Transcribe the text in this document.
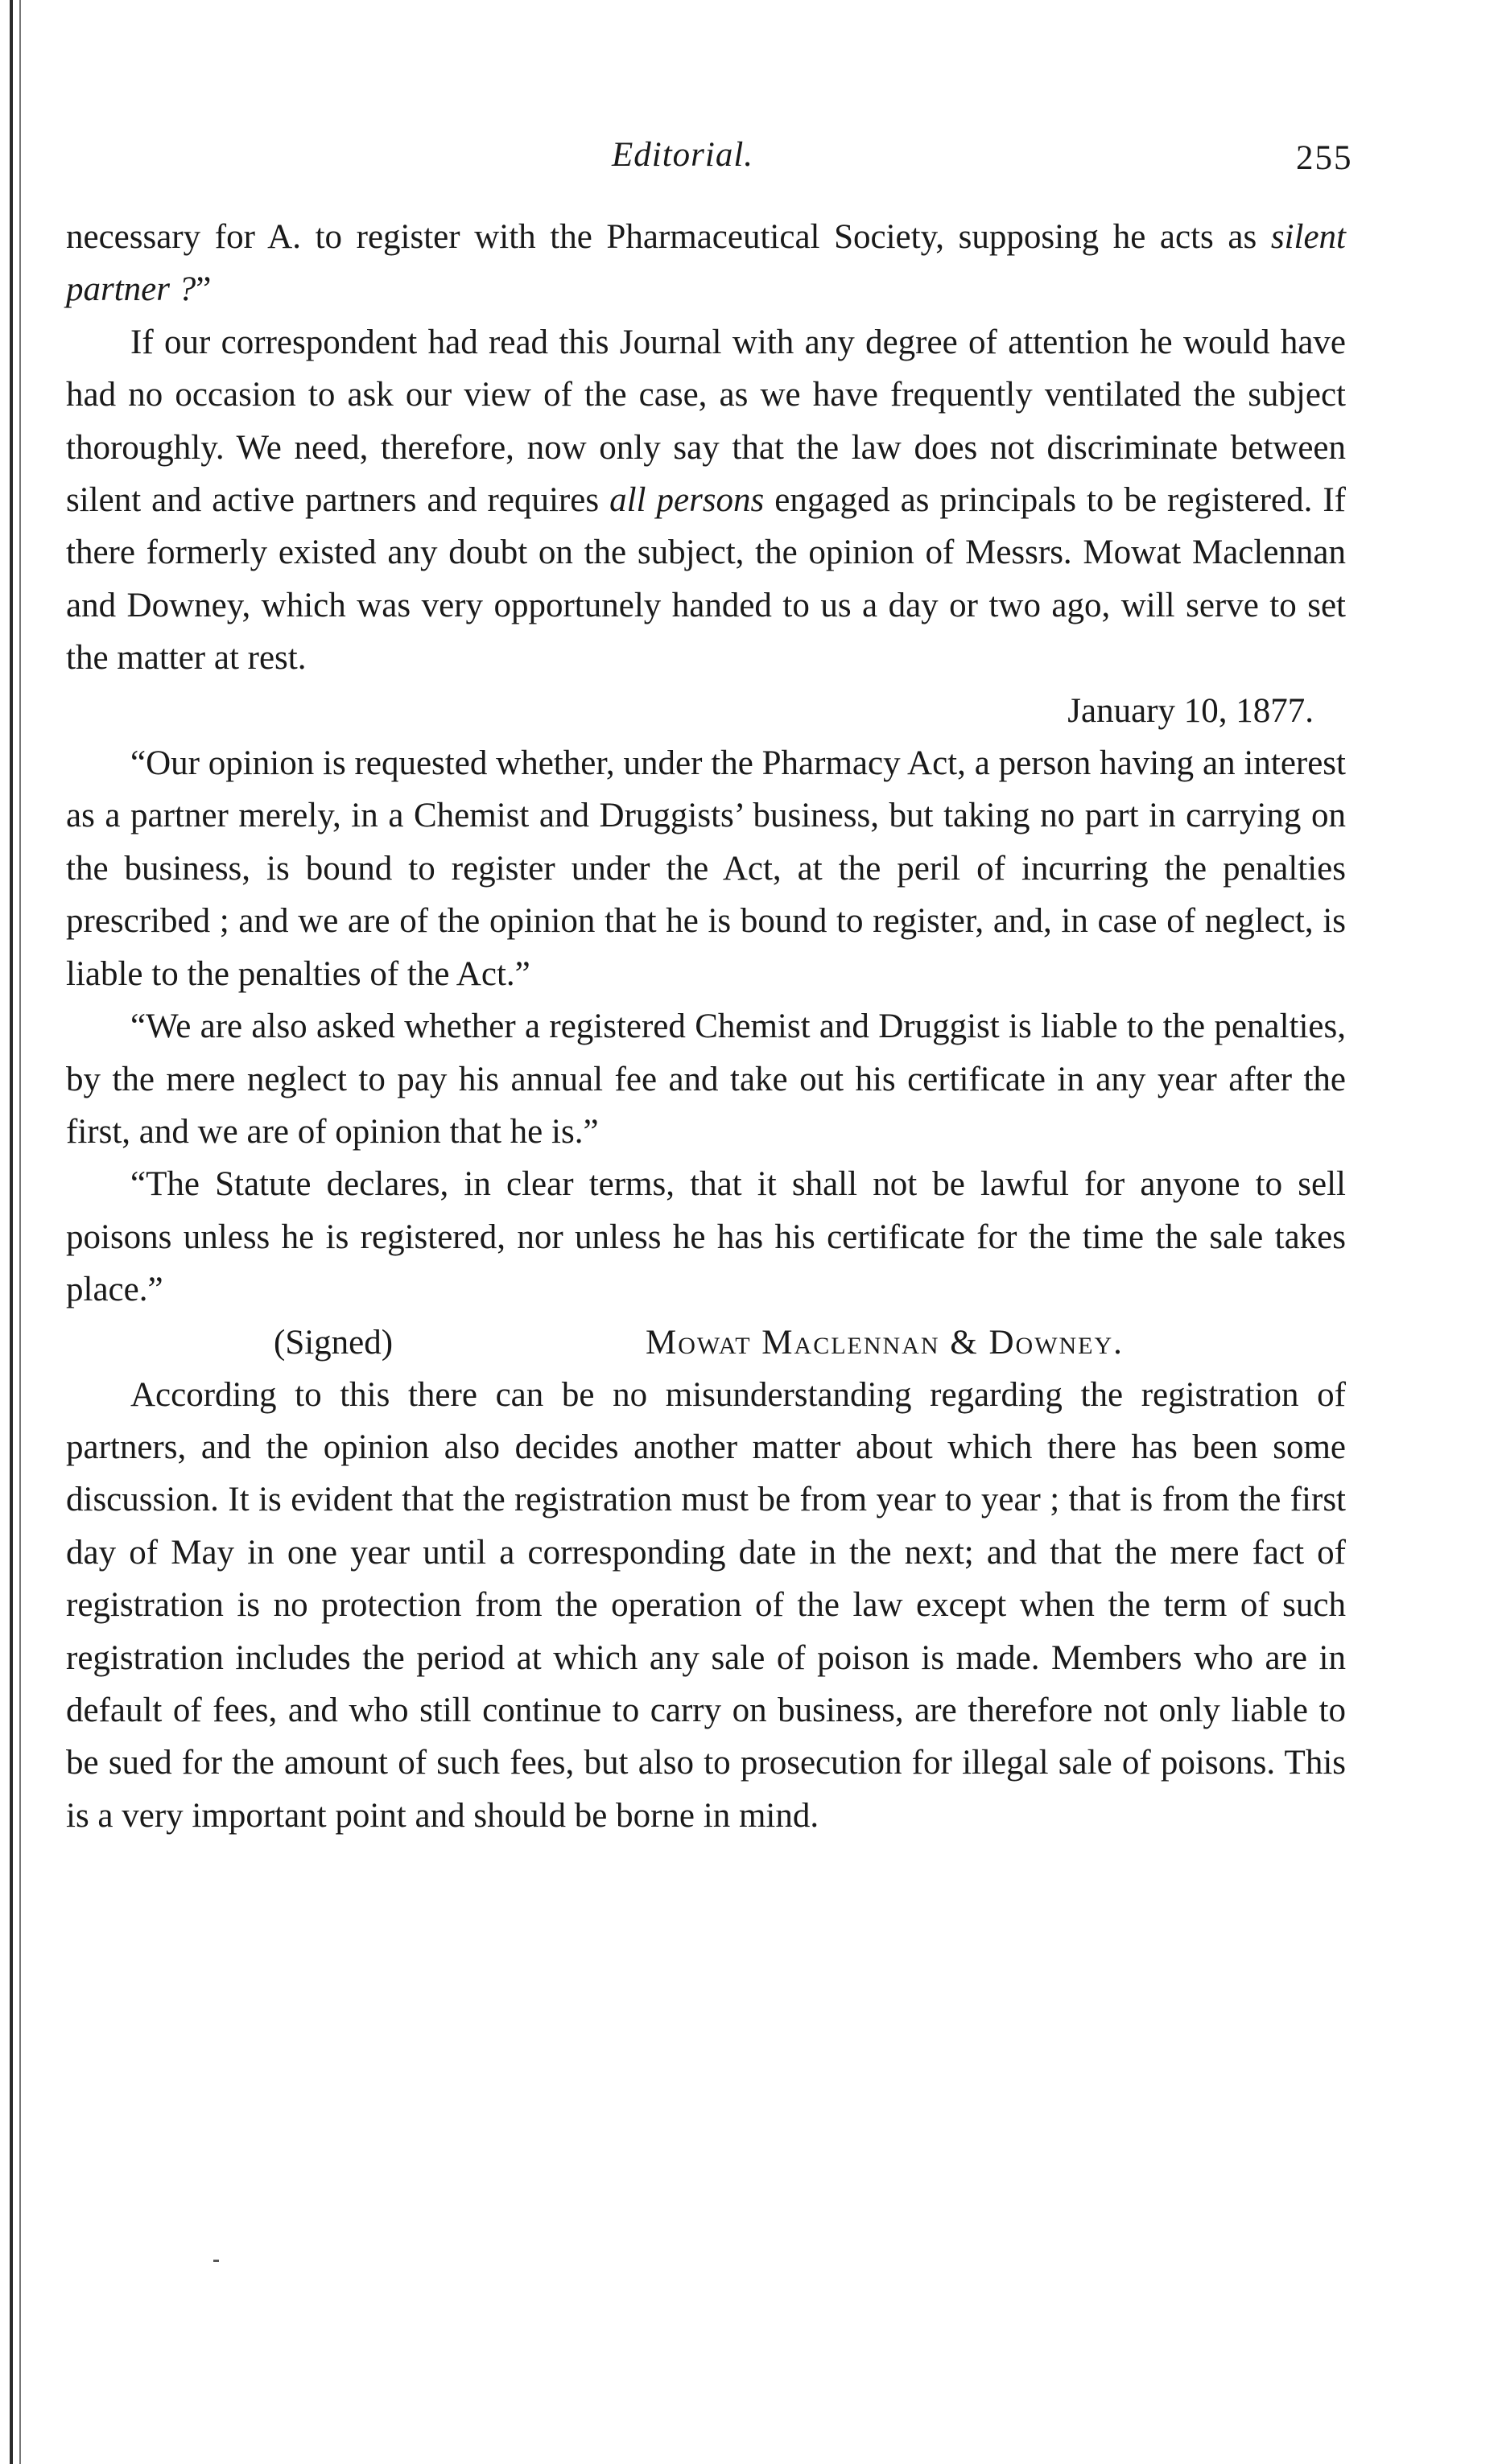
Editorial.	255

necessary for A. to register with the Pharmaceutical Society, supposing he acts as silent partner ?”

If our correspondent had read this Journal with any degree of attention he would have had no occasion to ask our view of the case, as we have frequently ventilated the subject thoroughly. We need, therefore, now only say that the law does not discriminate between silent and active partners and requires all persons engaged as principals to be registered. If there formerly existed any doubt on the subject, the opinion of Messrs. Mowat Maclennan and Downey, which was very opportunely handed to us a day or two ago, will serve to set the matter at rest.

January 10, 1877.

“Our opinion is requested whether, under the Pharmacy Act, a person having an interest as a partner merely, in a Chemist and Druggists’ business, but taking no part in carrying on the business, is bound to register under the Act, at the peril of incurring the penalties prescribed ; and we are of the opinion that he is bound to register, and, in case of neglect, is liable to the penalties of the Act.”

“We are also asked whether a registered Chemist and Druggist is liable to the penalties, by the mere neglect to pay his annual fee and take out his certificate in any year after the first, and we are of opinion that he is.”

“The Statute declares, in clear terms, that it shall not be lawful for anyone to sell poisons unless he is registered, nor unless he has his certificate for the time the sale takes place.”

(Signed)	Mowat Maclennan & Downey.

According to this there can be no misunderstanding regarding the registration of partners, and the opinion also decides another matter about which there has been some discussion. It is evident that the registration must be from year to year ; that is from the first day of May in one year until a corresponding date in the next; and that the mere fact of registration is no protection from the operation of the law except when the term of such registration includes the period at which any sale of poison is made. Members who are in default of fees, and who still continue to carry on business, are therefore not only liable to be sued for the amount of such fees, but also to prosecution for illegal sale of poisons. This is a very important point and should be borne in mind.
